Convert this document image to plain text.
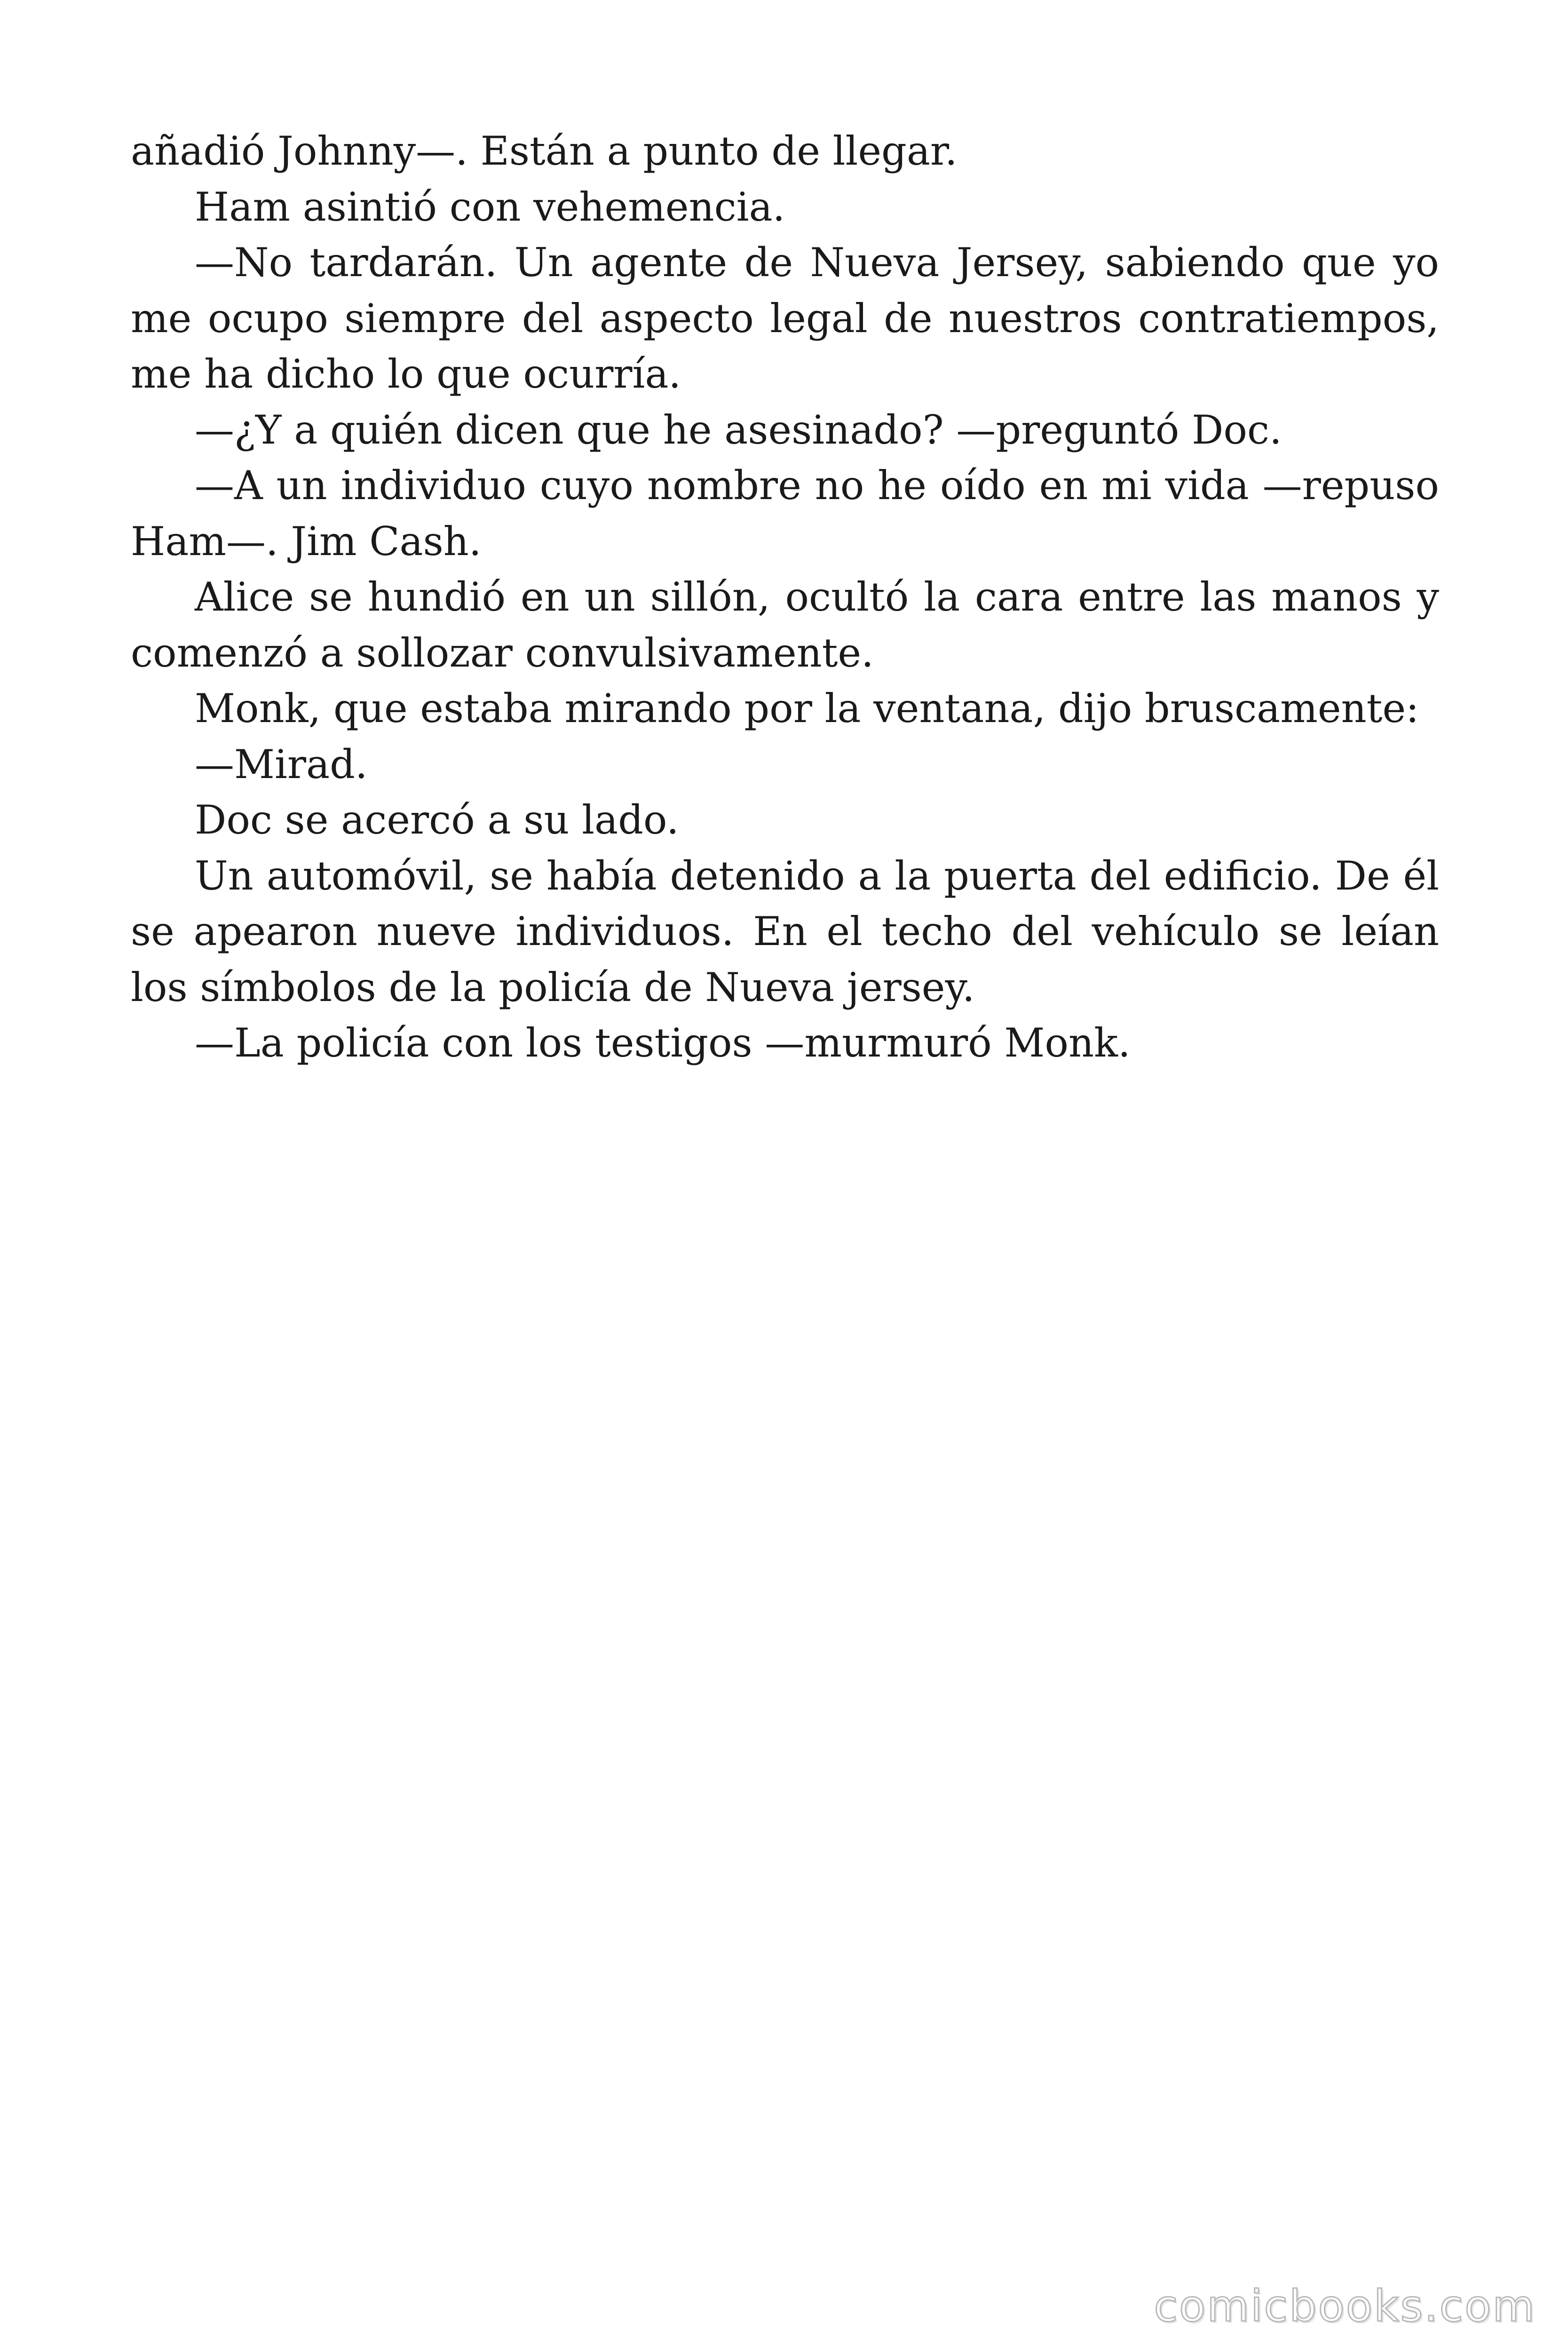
añadió Johnny—. Están a punto de llegar.

Ham asintió con vehemencia.

—No tardarán. Un agente de Nueva Jersey, sabiendo que yo me ocupo siempre del aspecto legal de nuestros contratiempos, me ha dicho lo que ocurría.

—¿Y a quién dicen que he asesinado? —preguntó Doc.

—A un individuo cuyo nombre no he oído en mi vida —repuso Ham—. Jim Cash.

Alice se hundió en un sillón, ocultó la cara entre las manos y comenzó a sollozar convulsivamente.

Monk, que estaba mirando por la ventana, dijo bruscamente:

—Mirad.

Doc se acercó a su lado.

Un automóvil, se había detenido a la puerta del edificio. De él se apearon nueve individuos. En el techo del vehículo se leían los símbolos de la policía de Nueva jersey.

—La policía con los testigos —murmuró Monk.

comicbooks.com
